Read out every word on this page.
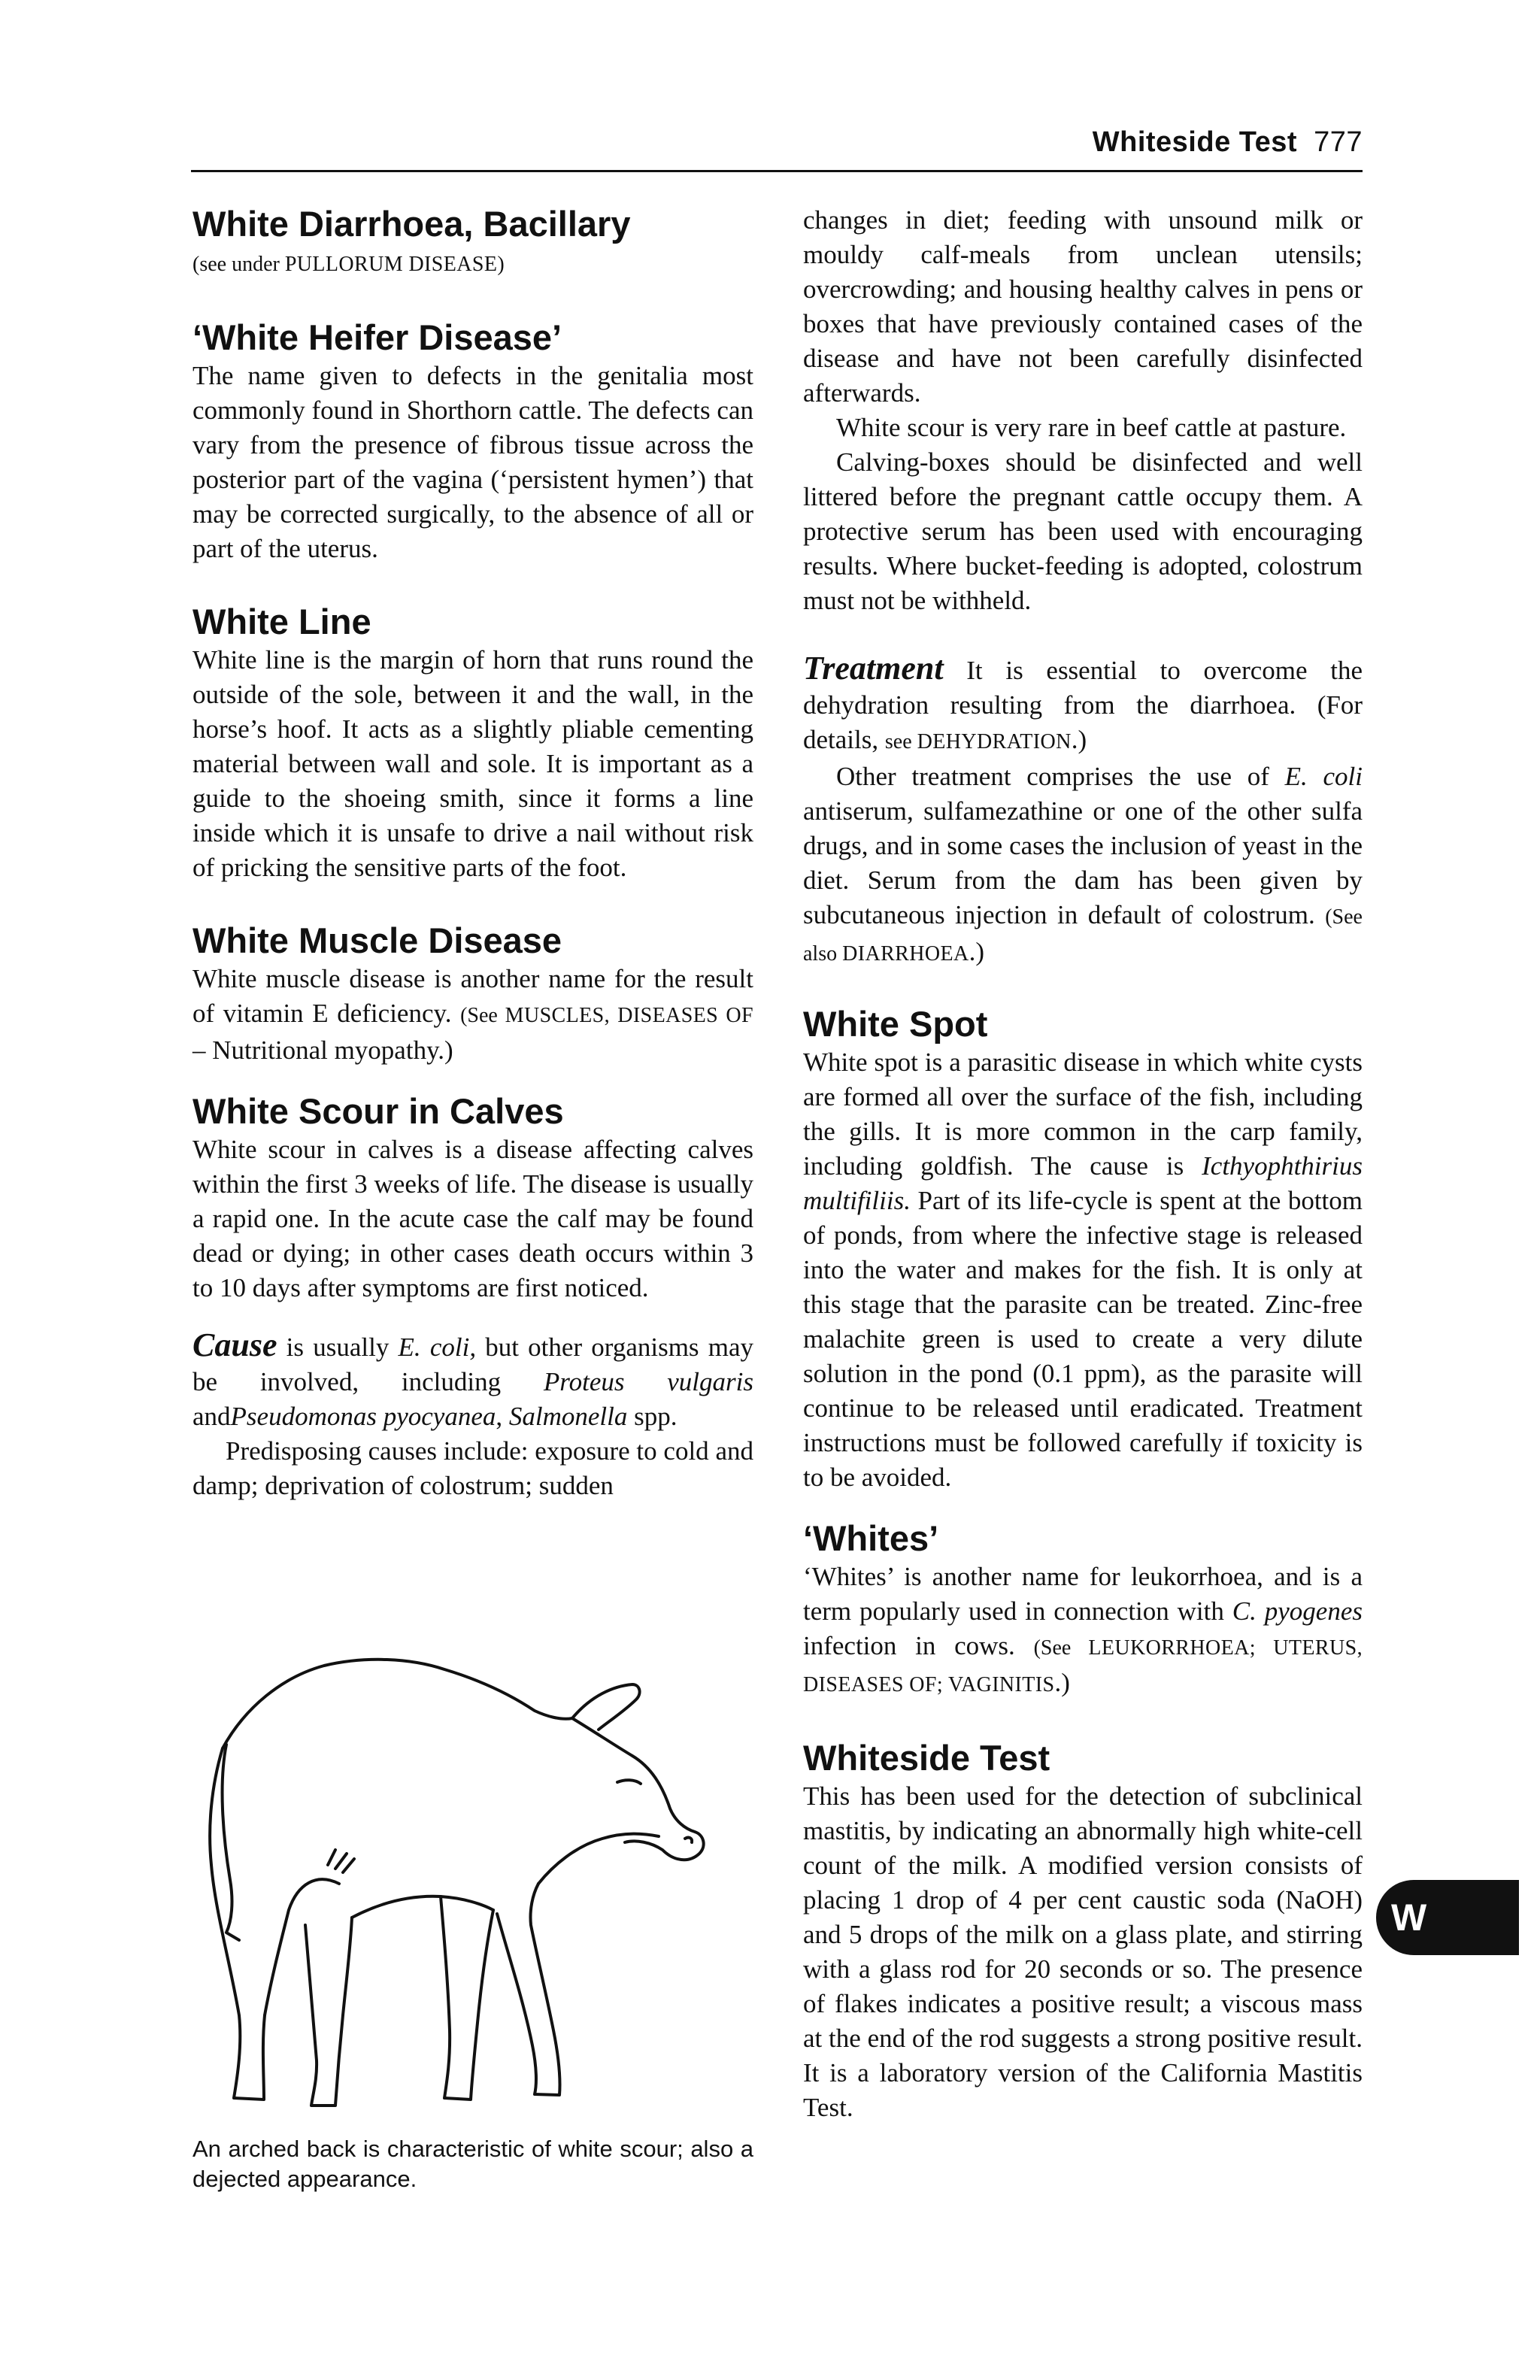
Whiteside Test 777
White Diarrhoea, Bacillary

(see under PULLORUM DISEASE)

‘White Heifer Disease’

The name given to defects in the genitalia most commonly found in Shorthorn cattle. The defects can vary from the presence of fibrous tissue across the posterior part of the vagina (‘persistent hymen’) that may be corrected surgically, to the absence of all or part of the uterus.

White Line

White line is the margin of horn that runs round the outside of the sole, between it and the wall, in the horse’s hoof. It acts as a slightly pliable cementing material between wall and sole. It is important as a guide to the shoeing smith, since it forms a line inside which it is unsafe to drive a nail without risk of pricking the sensitive parts of the foot.

White Muscle Disease

White muscle disease is another name for the result of vitamin E deficiency. (See MUSCLES, DISEASES OF – Nutritional myopathy.)

White Scour in Calves

White scour in calves is a disease affecting calves within the first 3 weeks of life. The disease is usually a rapid one. In the acute case the calf may be found dead or dying; in other cases death occurs within 3 to 10 days after symptoms are first noticed.

Cause is usually E. coli, but other organisms may be involved, including Proteus vulgaris andPseudomonas pyocyanea, Salmonella spp.

Predisposing causes include: exposure to cold and damp; deprivation of colostrum; sudden

An arched back is characteristic of white scour; also a dejected appearance.

changes in diet; feeding with unsound milk or mouldy calf-meals from unclean utensils; overcrowding; and housing healthy calves in pens or boxes that have previously contained cases of the disease and have not been carefully disinfected afterwards.

White scour is very rare in beef cattle at pasture.

Calving-boxes should be disinfected and well littered before the pregnant cattle occupy them. A protective serum has been used with encouraging results. Where bucket-feeding is adopted, colostrum must not be withheld.

Treatment It is essential to overcome the dehydration resulting from the diarrhoea. (For details, see DEHYDRATION.)

Other treatment comprises the use of E. coli antiserum, sulfamezathine or one of the other sulfa drugs, and in some cases the inclusion of yeast in the diet. Serum from the dam has been given by subcutaneous injection in default of colostrum. (See also DIARRHOEA.)

White Spot

White spot is a parasitic disease in which white cysts are formed all over the surface of the fish, including the gills. It is more common in the carp family, including goldfish. The cause is Icthyophthirius multifiliis. Part of its life-cycle is spent at the bottom of ponds, from where the infective stage is released into the water and makes for the fish. It is only at this stage that the parasite can be treated. Zinc-free malachite green is used to create a very dilute solution in the pond (0.1 ppm), as the parasite will continue to be released until eradicated. Treatment instructions must be followed carefully if toxicity is to be avoided.

‘Whites’

‘Whites’ is another name for leukorrhoea, and is a term popularly used in connection with C. pyogenes infection in cows. (See LEUKORRHOEA; UTERUS, DISEASES OF; VAGINITIS.)

Whiteside Test

This has been used for the detection of subclinical mastitis, by indicating an abnormally high white-cell count of the milk. A modified version consists of placing 1 drop of 4 per cent caustic soda (NaOH) and 5 drops of the milk on a glass plate, and stirring with a glass rod for 20 seconds or so. The presence of flakes indicates a positive result; a viscous mass at the end of the rod suggests a strong positive result. It is a laboratory version of the California Mastitis Test.

W
